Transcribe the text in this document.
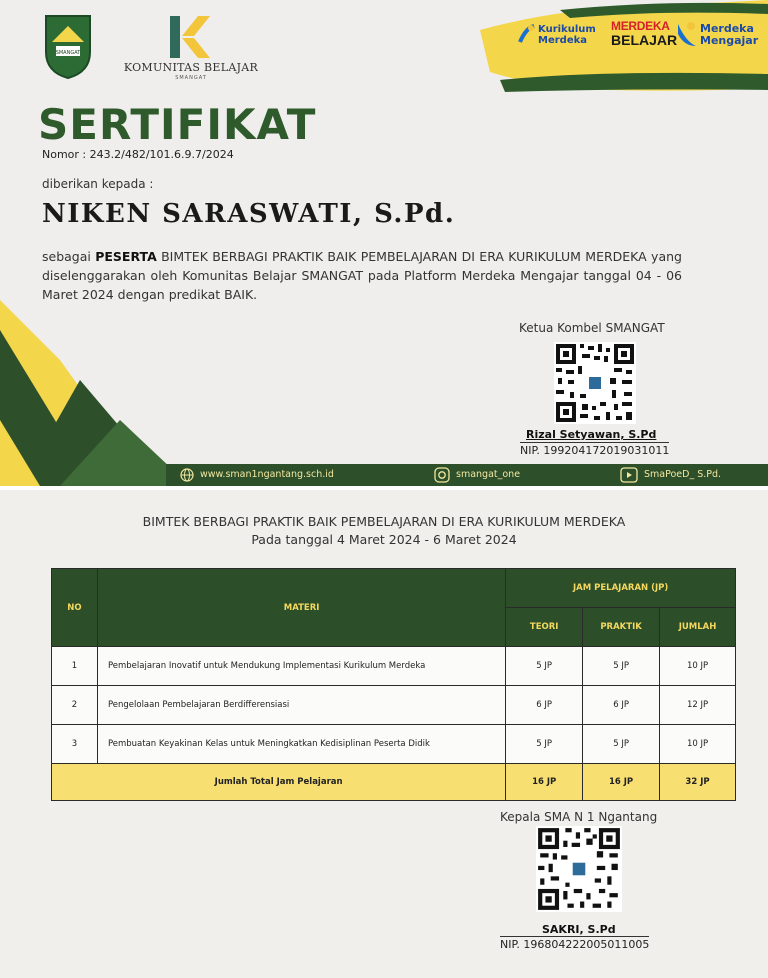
SMANGAT
KOMUNITAS BELAJAR
SMANGAT
Kurikulum
Merdeka
MERDEKA
BELAJAR
Merdeka
Mengajar
SERTIFIKAT
Nomor : 243.2/482/101.6.9.7/2024
diberikan kepada :
NIKEN SARASWATI, S.Pd.
sebagai PESERTA BIMTEK BERBAGI PRAKTIK BAIK PEMBELAJARAN DI ERA KURIKULUM MERDEKA yang diselenggarakan oleh Komunitas Belajar SMANGAT pada Platform Merdeka Mengajar tanggal 04 - 06 Maret 2024 dengan predikat BAIK.
Ketua Kombel SMANGAT
Rizal Setyawan, S.Pd
NIP. 199204172019031011
www.sman1ngantang.sch.id	smangat_one	SmaPoeD_ S.Pd.
BIMTEK BERBAGI PRAKTIK BAIK PEMBELAJARAN DI ERA KURIKULUM MERDEKA
Pada tanggal 4 Maret 2024 - 6 Maret 2024
NO	MATERI	JAM PELAJARAN (JP)		
		TEORI	PRAKTIK	JUMLAH
1	Pembelajaran Inovatif untuk Mendukung Implementasi Kurikulum Merdeka	5 JP	5 JP	10 JP
2	Pengelolaan Pembelajaran Berdifferensiasi	6 JP	6 JP	12 JP
3	Pembuatan Keyakinan Kelas untuk Meningkatkan Kedisiplinan Peserta Didik	5 JP	5 JP	10 JP
Jumlah Total Jam Pelajaran		16 JP	16 JP	32 JP
Kepala SMA N 1 Ngantang
SAKRI, S.Pd
NIP. 196804222005011005
